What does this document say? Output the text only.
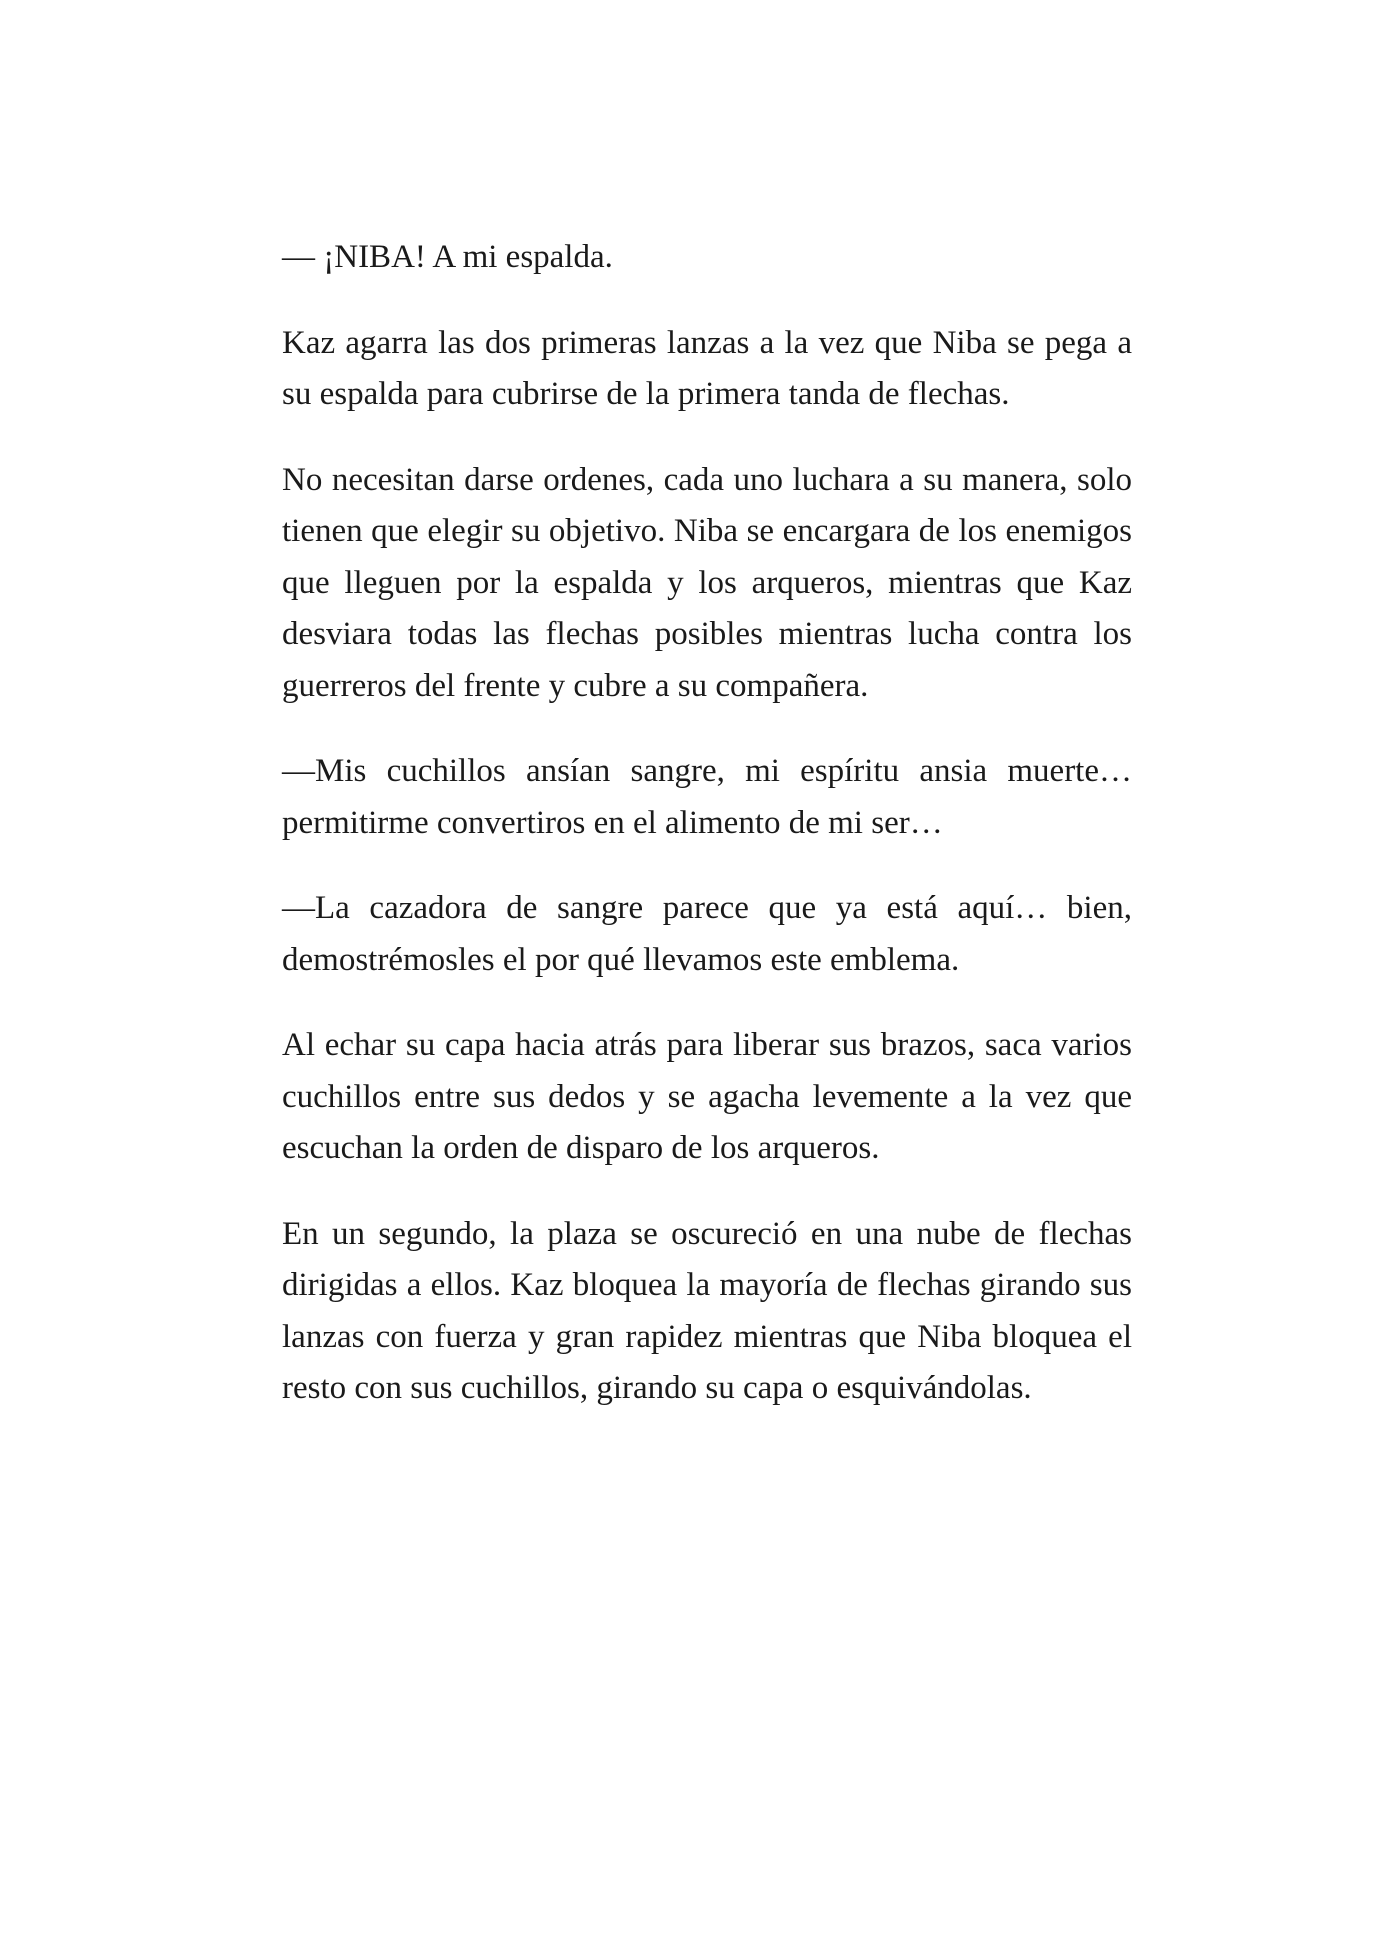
— ¡NIBA! A mi espalda.

Kaz agarra las dos primeras lanzas a la vez que Niba se pega a su espalda para cubrirse de la primera tanda de flechas.

No necesitan darse ordenes, cada uno luchara a su manera, solo tienen que elegir su objetivo. Niba se encargara de los enemigos que lleguen por la espalda y los arqueros, mientras que Kaz desviara todas las flechas posibles mientras lucha contra los guerreros del frente y cubre a su compañera.

—Mis cuchillos ansían sangre, mi espíritu ansia muerte… permitirme convertiros en el alimento de mi ser…

—La cazadora de sangre parece que ya está aquí… bien, demostrémosles el por qué llevamos este emblema.

Al echar su capa hacia atrás para liberar sus brazos, saca varios cuchillos entre sus dedos y se agacha levemente a la vez que escuchan la orden de disparo de los arqueros.

En un segundo, la plaza se oscureció en una nube de flechas dirigidas a ellos. Kaz bloquea la mayoría de flechas girando sus lanzas con fuerza y gran rapidez mientras que Niba bloquea el resto con sus cuchillos, girando su capa o esquivándolas.
